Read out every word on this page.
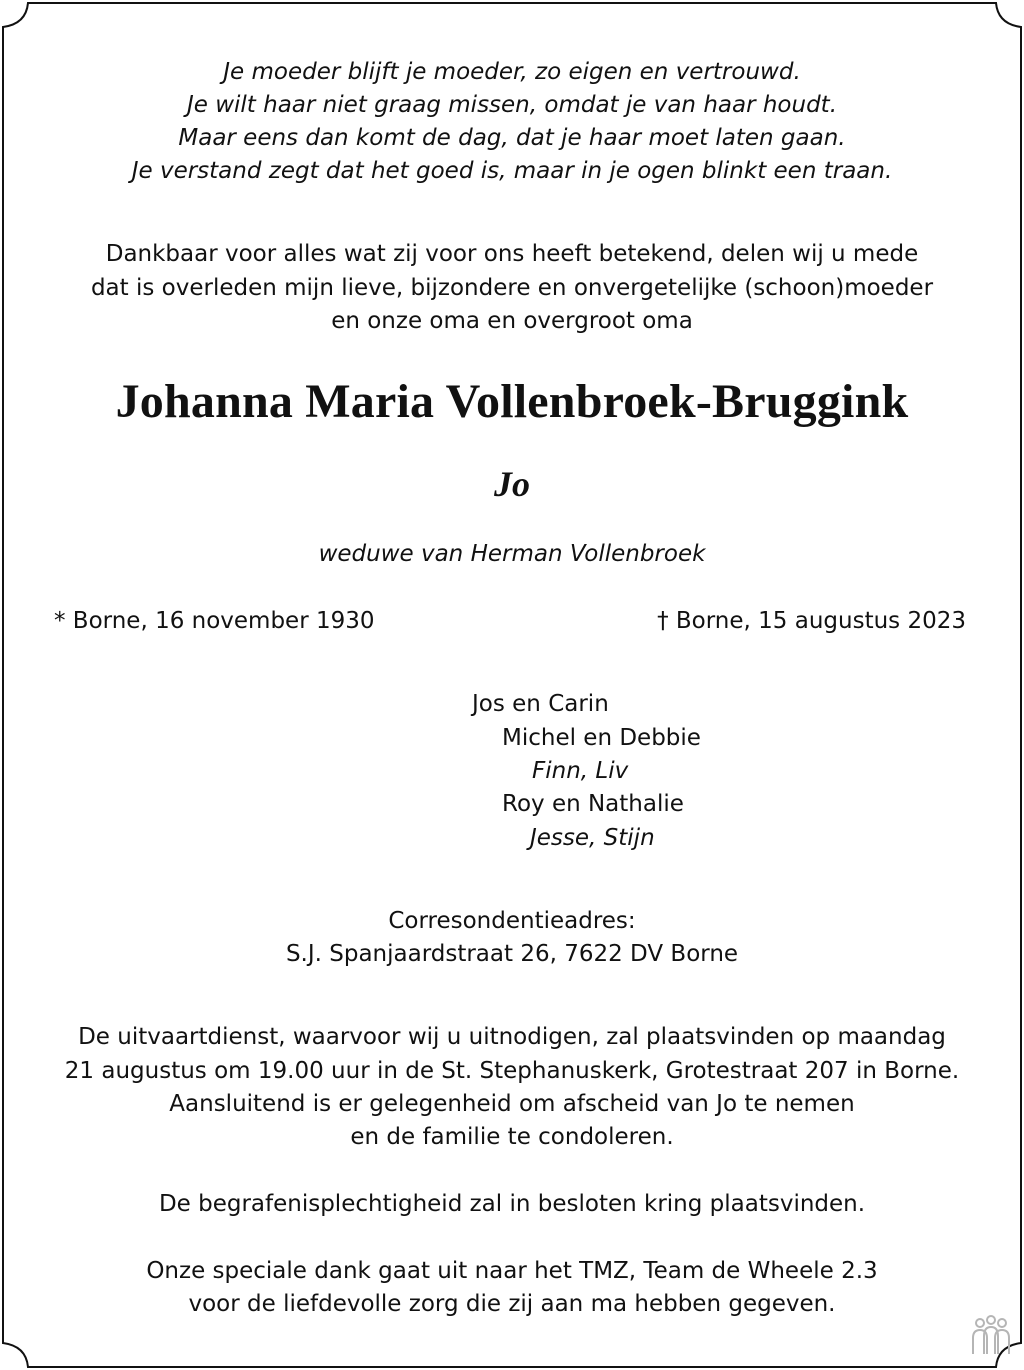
Je moeder blijft je moeder, zo eigen en vertrouwd.
Je wilt haar niet graag missen, omdat je van haar houdt.
Maar eens dan komt de dag, dat je haar moet laten gaan.
Je verstand zegt dat het goed is, maar in je ogen blinkt een traan.
Dankbaar voor alles wat zij voor ons heeft betekend, delen wij u mede
dat is overleden mijn lieve, bijzondere en onvergetelijke (schoon)moeder
en onze oma en overgroot oma
Johanna Maria Vollenbroek-Bruggink
Jo
weduwe van Herman Vollenbroek
* Borne, 16 november 1930	† Borne, 15 augustus 2023
Jos en Carin
Michel en Debbie
Finn, Liv
Roy en Nathalie
Jesse, Stijn
Corresondentieadres:
S.J. Spanjaardstraat 26, 7622 DV Borne
De uitvaartdienst, waarvoor wij u uitnodigen, zal plaatsvinden op maandag
21 augustus om 19.00 uur in de St. Stephanuskerk, Grotestraat 207 in Borne.
Aansluitend is er gelegenheid om afscheid van Jo te nemen
en de familie te condoleren.
De begrafenisplechtigheid zal in besloten kring plaatsvinden.
Onze speciale dank gaat uit naar het TMZ, Team de Wheele 2.3
voor de liefdevolle zorg die zij aan ma hebben gegeven.
